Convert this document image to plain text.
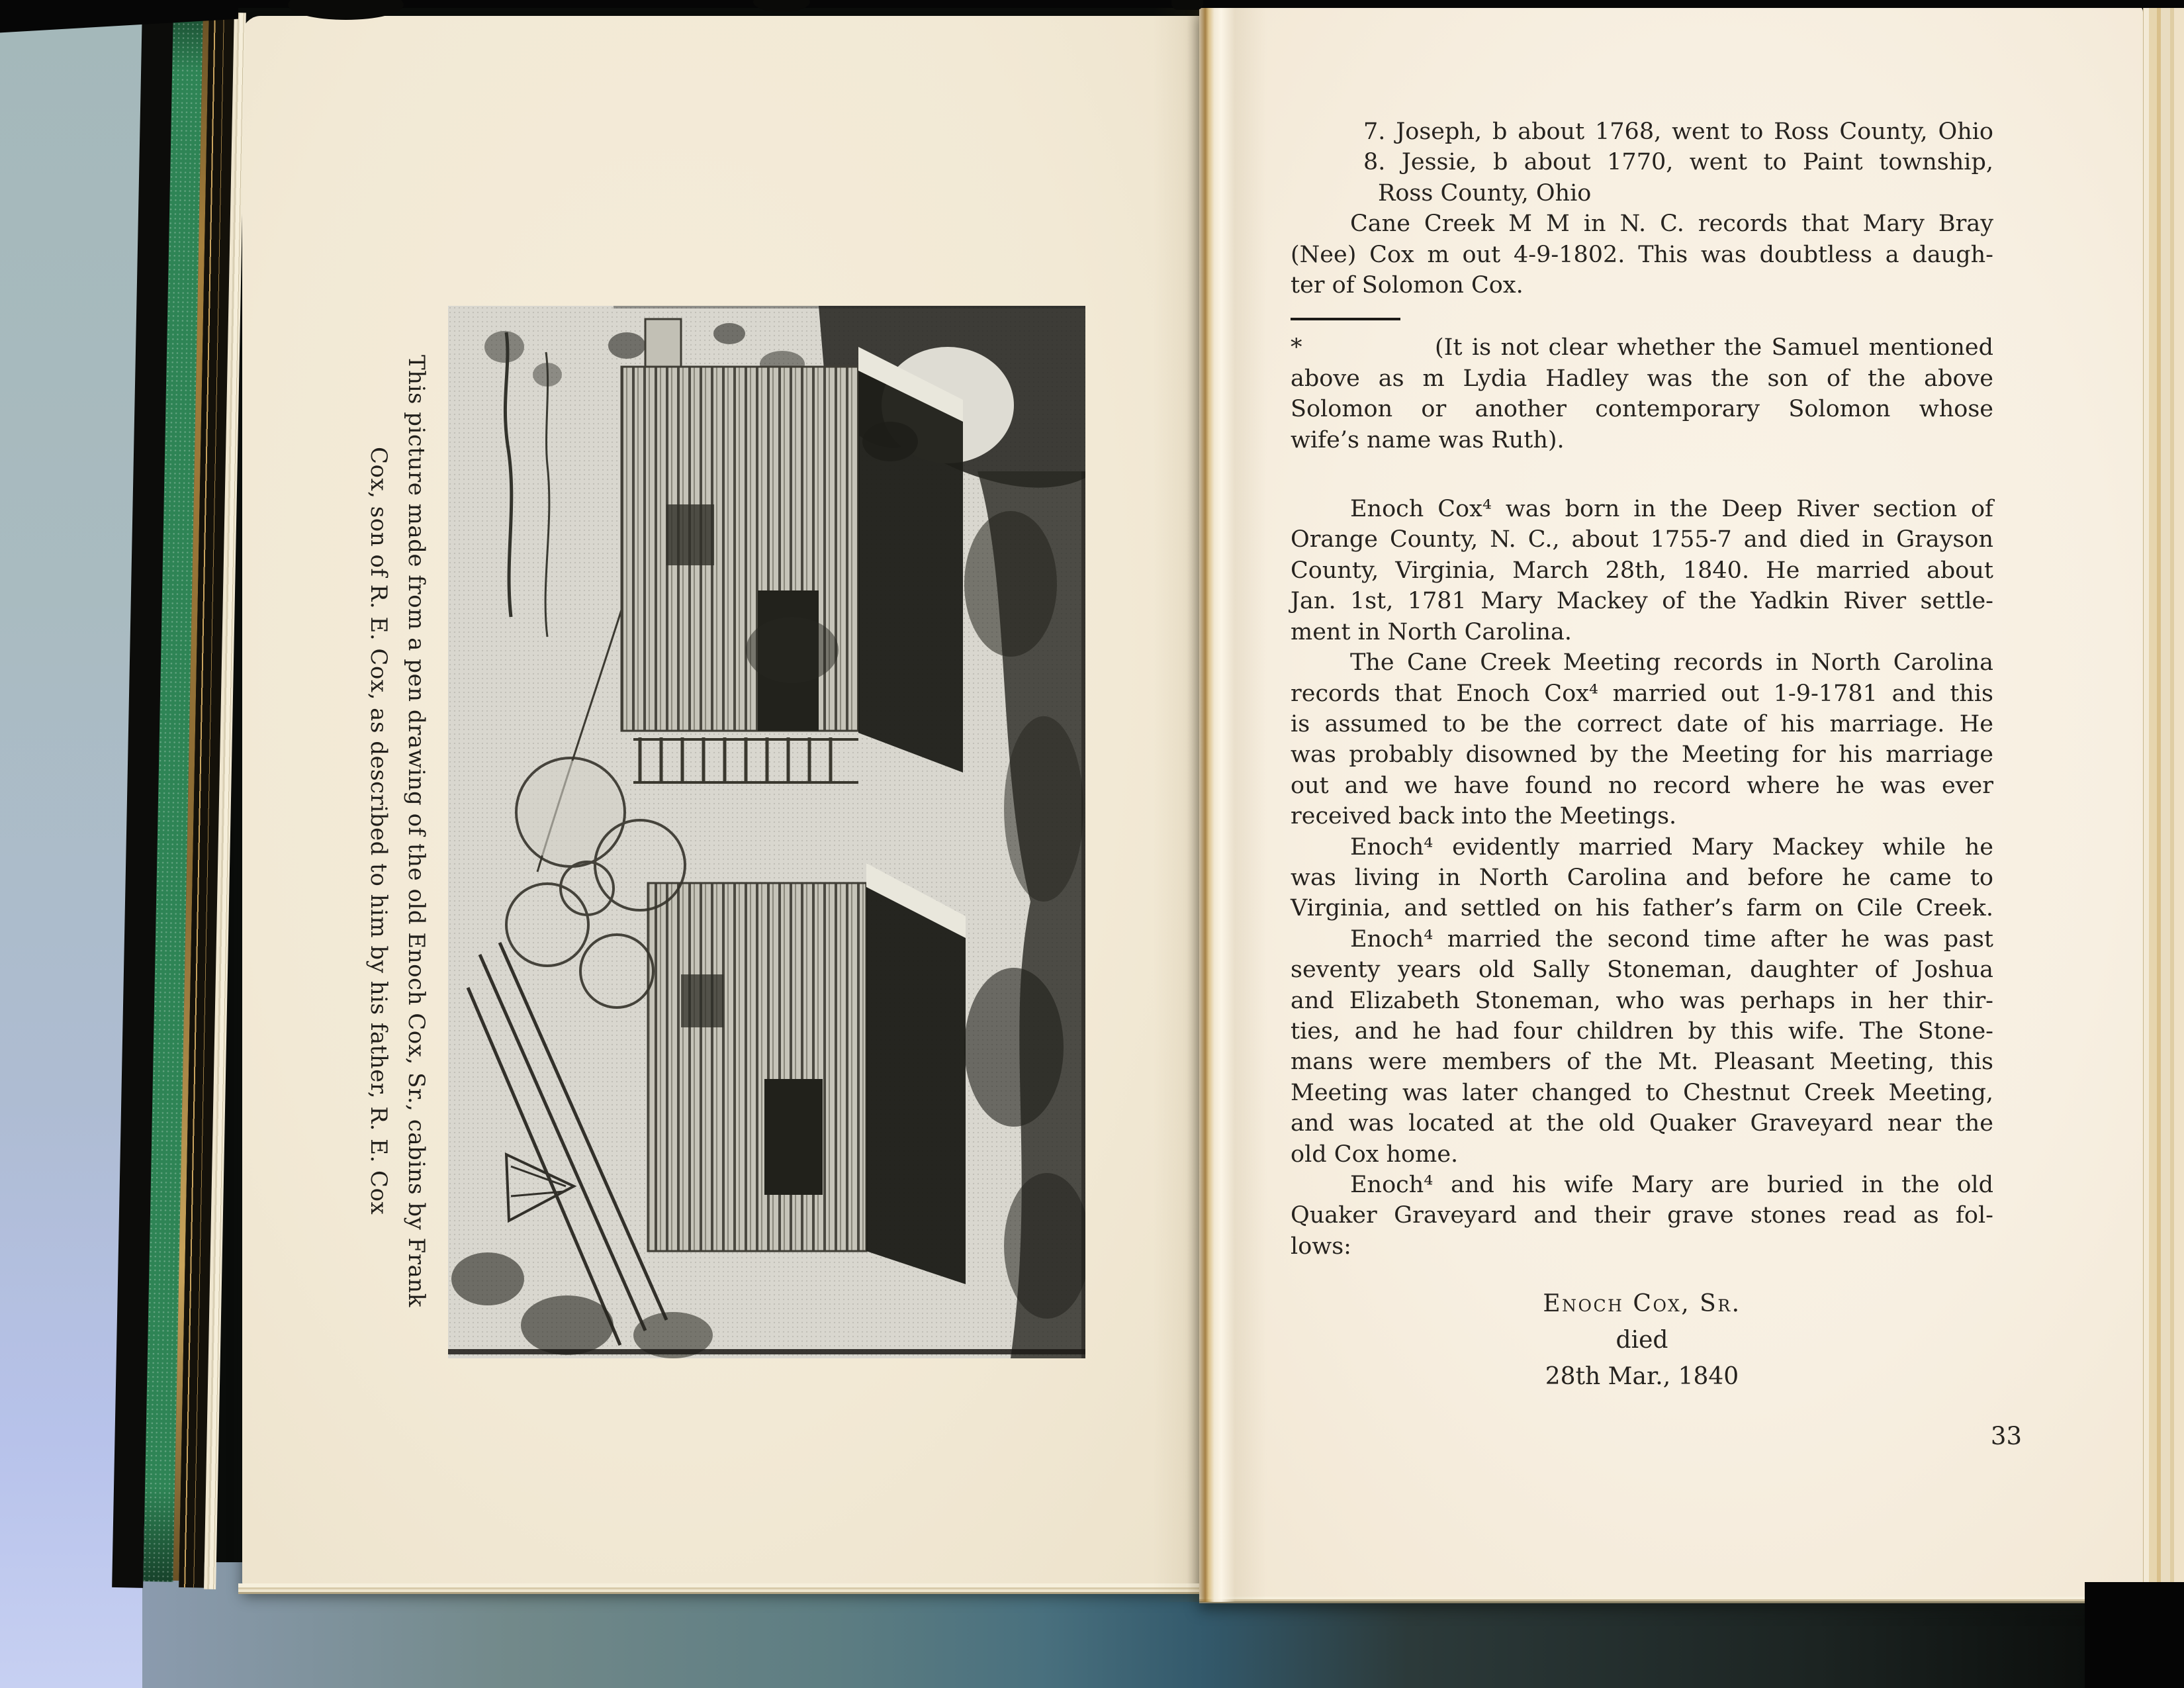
This picture made from a pen drawing of the old Enoch Cox, Sr., cabins by Frank
Cox, son of R. E. Cox, as described to him by his father, R. E. Cox
7. Joseph, b about 1768, went to Ross County, Ohio
8. Jessie, b about 1770, went to Paint township,
Ross County, Ohio
Cane Creek M M in N. C. records that Mary Bray
(Nee) Cox m out 4-9-1802. This was doubtless a daugh-
ter of Solomon Cox.
*	(It is not clear whether the Samuel mentioned
above as m Lydia Hadley was the son of the above
Solomon or another contemporary Solomon whose
wife’s name was Ruth).
Enoch Cox⁴ was born in the Deep River section of
Orange County, N. C., about 1755-7 and died in Grayson
County, Virginia, March 28th, 1840. He married about
Jan. 1st, 1781 Mary Mackey of the Yadkin River settle-
ment in North Carolina.
The Cane Creek Meeting records in North Carolina
records that Enoch Cox⁴ married out 1-9-1781 and this
is assumed to be the correct date of his marriage. He
was probably disowned by the Meeting for his marriage
out and we have found no record where he was ever
received back into the Meetings.
Enoch⁴ evidently married Mary Mackey while he
was living in North Carolina and before he came to
Virginia, and settled on his father’s farm on Cile Creek.
Enoch⁴ married the second time after he was past
seventy years old Sally Stoneman, daughter of Joshua
and Elizabeth Stoneman, who was perhaps in her thir-
ties, and he had four children by this wife. The Stone-
mans were members of the Mt. Pleasant Meeting, this
Meeting was later changed to Chestnut Creek Meeting,
and was located at the old Quaker Graveyard near the
old Cox home.
Enoch⁴ and his wife Mary are buried in the old
Quaker Graveyard and their grave stones read as fol-
lows:
Enoch Cox, Sr.
died
28th Mar., 1840
33
